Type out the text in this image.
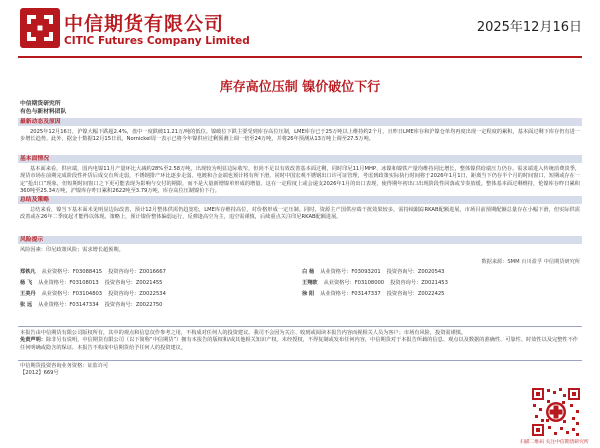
中信期货有限公司
CITIC Futures Company Limited
2025年12月16日
库存高位压制 镍价破位下行
中信期货研究所
有色与新材料团队
最新动态及原因
2025年12月16日，沪镍大幅下跌超2.4%，盘中一度跌破11.21万/吨的低位。镍破位下跌主要受到库存高位压制，LME库存已于25万吨以上维持约2个月，且昨日LME库存和沪镍仓单均再度出现一定程度的累积，基本面过剩下库存仍有进一步增长趋势。此外，据金十数据12月15日讯，Nornickel周一表示已将今年镍供应过剩预测上调一倍至24万吨，并将26年预测从13万吨上调至27.5万吨。
基本面情况
基本面来看，供应端，国内电镍11月产量环比大减约28%至2.58万吨，出现较为明显边际收窄，但尚不足以有效改善基本面过剩，同时印尼11月MHP、冰镍和镍铁产量均维持同比增长，整体镍供给端压力仍存。需求端进入传统消费淡季，现货市场在前期完成阶段性补货后成交有所走弱，不锈钢排产环比逐步走弱，电镀和合金端也预计将有所下滑，同时中国宏观不锈钢出口许可证管理，考虑到政策实际执行时间将于2026年1月1日，距离当下仍存半个月的时间窗口，短期或存在一定“抢出口”现象，但短期时间窗口之下更可能表现为影响与交付的期限，而不是大量新增镍单形成的增量。这在一定程度上或会递支2026年1月的出口表现，使得期年初出口出现阶段性回落或节奏放缓。整体基本面过剩维持，伦镍库存昨日累积360吨至25.34万吨，沪镍库存昨日累积2622吨至3.79万吨，库存高位压制镍价下行。
总结及策略
总结来看，镍当下基本面未见明显边际改善，预计12月整体供需仍趋宽松，LME库存维持高位，对价格形成一定压制。同时，资源主产国供应端干扰效果较多，需持续跟踪RKAB配额进展，市场目前预期配额总量存在小幅下滑，但实际供需改善或在26年二季度起才能得以体现。策略上，预计镍价整体偏弱运行，反弹逢高空为主，追空需谨慎，后续重点关注印尼RKAB配额进展。
风险提示
风险因素：印尼政策风险；需求增长超预期。
数据来源：SMM 百川盈孚 中信期货研究所
郑铁凡 从业资格号：F03088415 投资咨询号：Z0016667	白 杨 从业资格号：F03093201 投资咨询号：Z0020543
杨 飞 从业资格号：F03108013 投资咨询号：Z0021455	王翔欧 从业资格号：F03108000 投资咨询号：Z0021453
王美丹 从业资格号：F03104803 投资咨询号：Z0022534	徐 阳 从业资格号：F03147337 投资咨询号：Z0022425
张 远 从业资格号：F03147334 投资咨询号：Z0022750
本报告由中信期货有限公司版权所有，其中的观点和信息仅作参考之用，不构成对任何人的投资建议。我司不会因为关注、收到或阅读本报告内容而视相关人员为客户；市场有风险，投资需谨慎。
免责声明：除非另有说明，中信期货有限公司（以下简称“中信期货”）拥有本报告的版权和/或其他相关知识产权。未经授权，不得复制或发布任何内容，中信期货对于本报告所载的信息、观点以及数据的准确性、可靠性、时效性以及完整性不作任何明确或隐含的保证。本报告不构成中信期货给予任何人的投资建议。
中信期货投资咨询业务资格：证监许可
【2012】669号
扫描二维码 关注中信期货研究所
